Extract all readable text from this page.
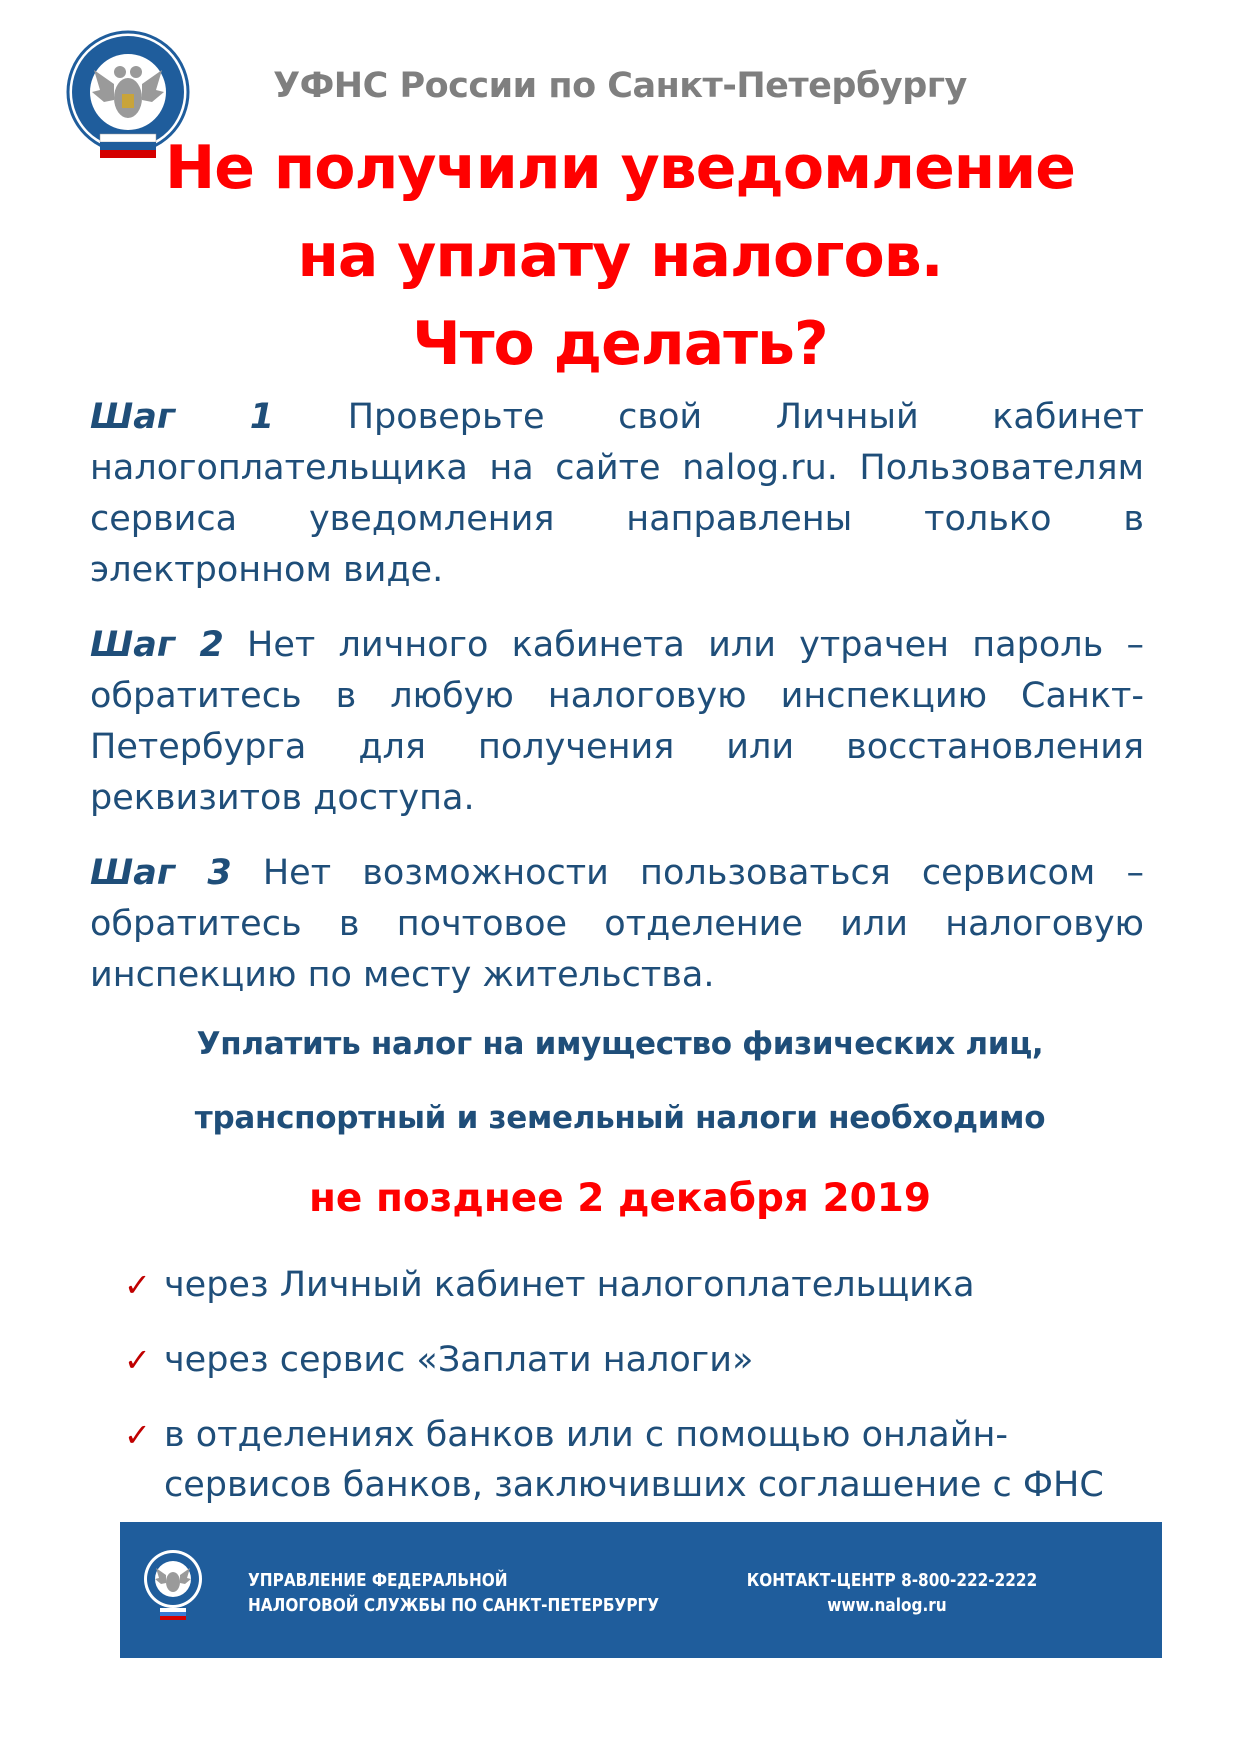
УФНС России по Санкт-Петербургу
Не получили уведомление
на уплату налогов.
Что делать?
Шаг 1 Проверьте свой Личный кабинет налогоплательщика на сайте nalog.ru. Пользователям сервиса уведомления направлены только в электронном виде.
Шаг 2 Нет личного кабинета или утрачен пароль – обратитесь в любую налоговую инспекцию Санкт-Петербурга для получения или восстановления реквизитов доступа.
Шаг 3 Нет возможности пользоваться сервисом – обратитесь в почтовое отделение или налоговую инспекцию по месту жительства.
Уплатить налог на имущество физических лиц,
транспортный и земельный налоги необходимо
не позднее 2 декабря 2019
✓ через Личный кабинет налогоплательщика
✓ через сервис «Заплати налоги»
✓ в отделениях банков или с помощью онлайн-сервисов банков, заключивших соглашение с ФНС
УПРАВЛЕНИЕ ФЕДЕРАЛЬНОЙ
НАЛОГОВОЙ СЛУЖБЫ ПО САНКТ-ПЕТЕРБУРГУ
КОНТАКТ-ЦЕНТР 8-800-222-2222
www.nalog.ru
